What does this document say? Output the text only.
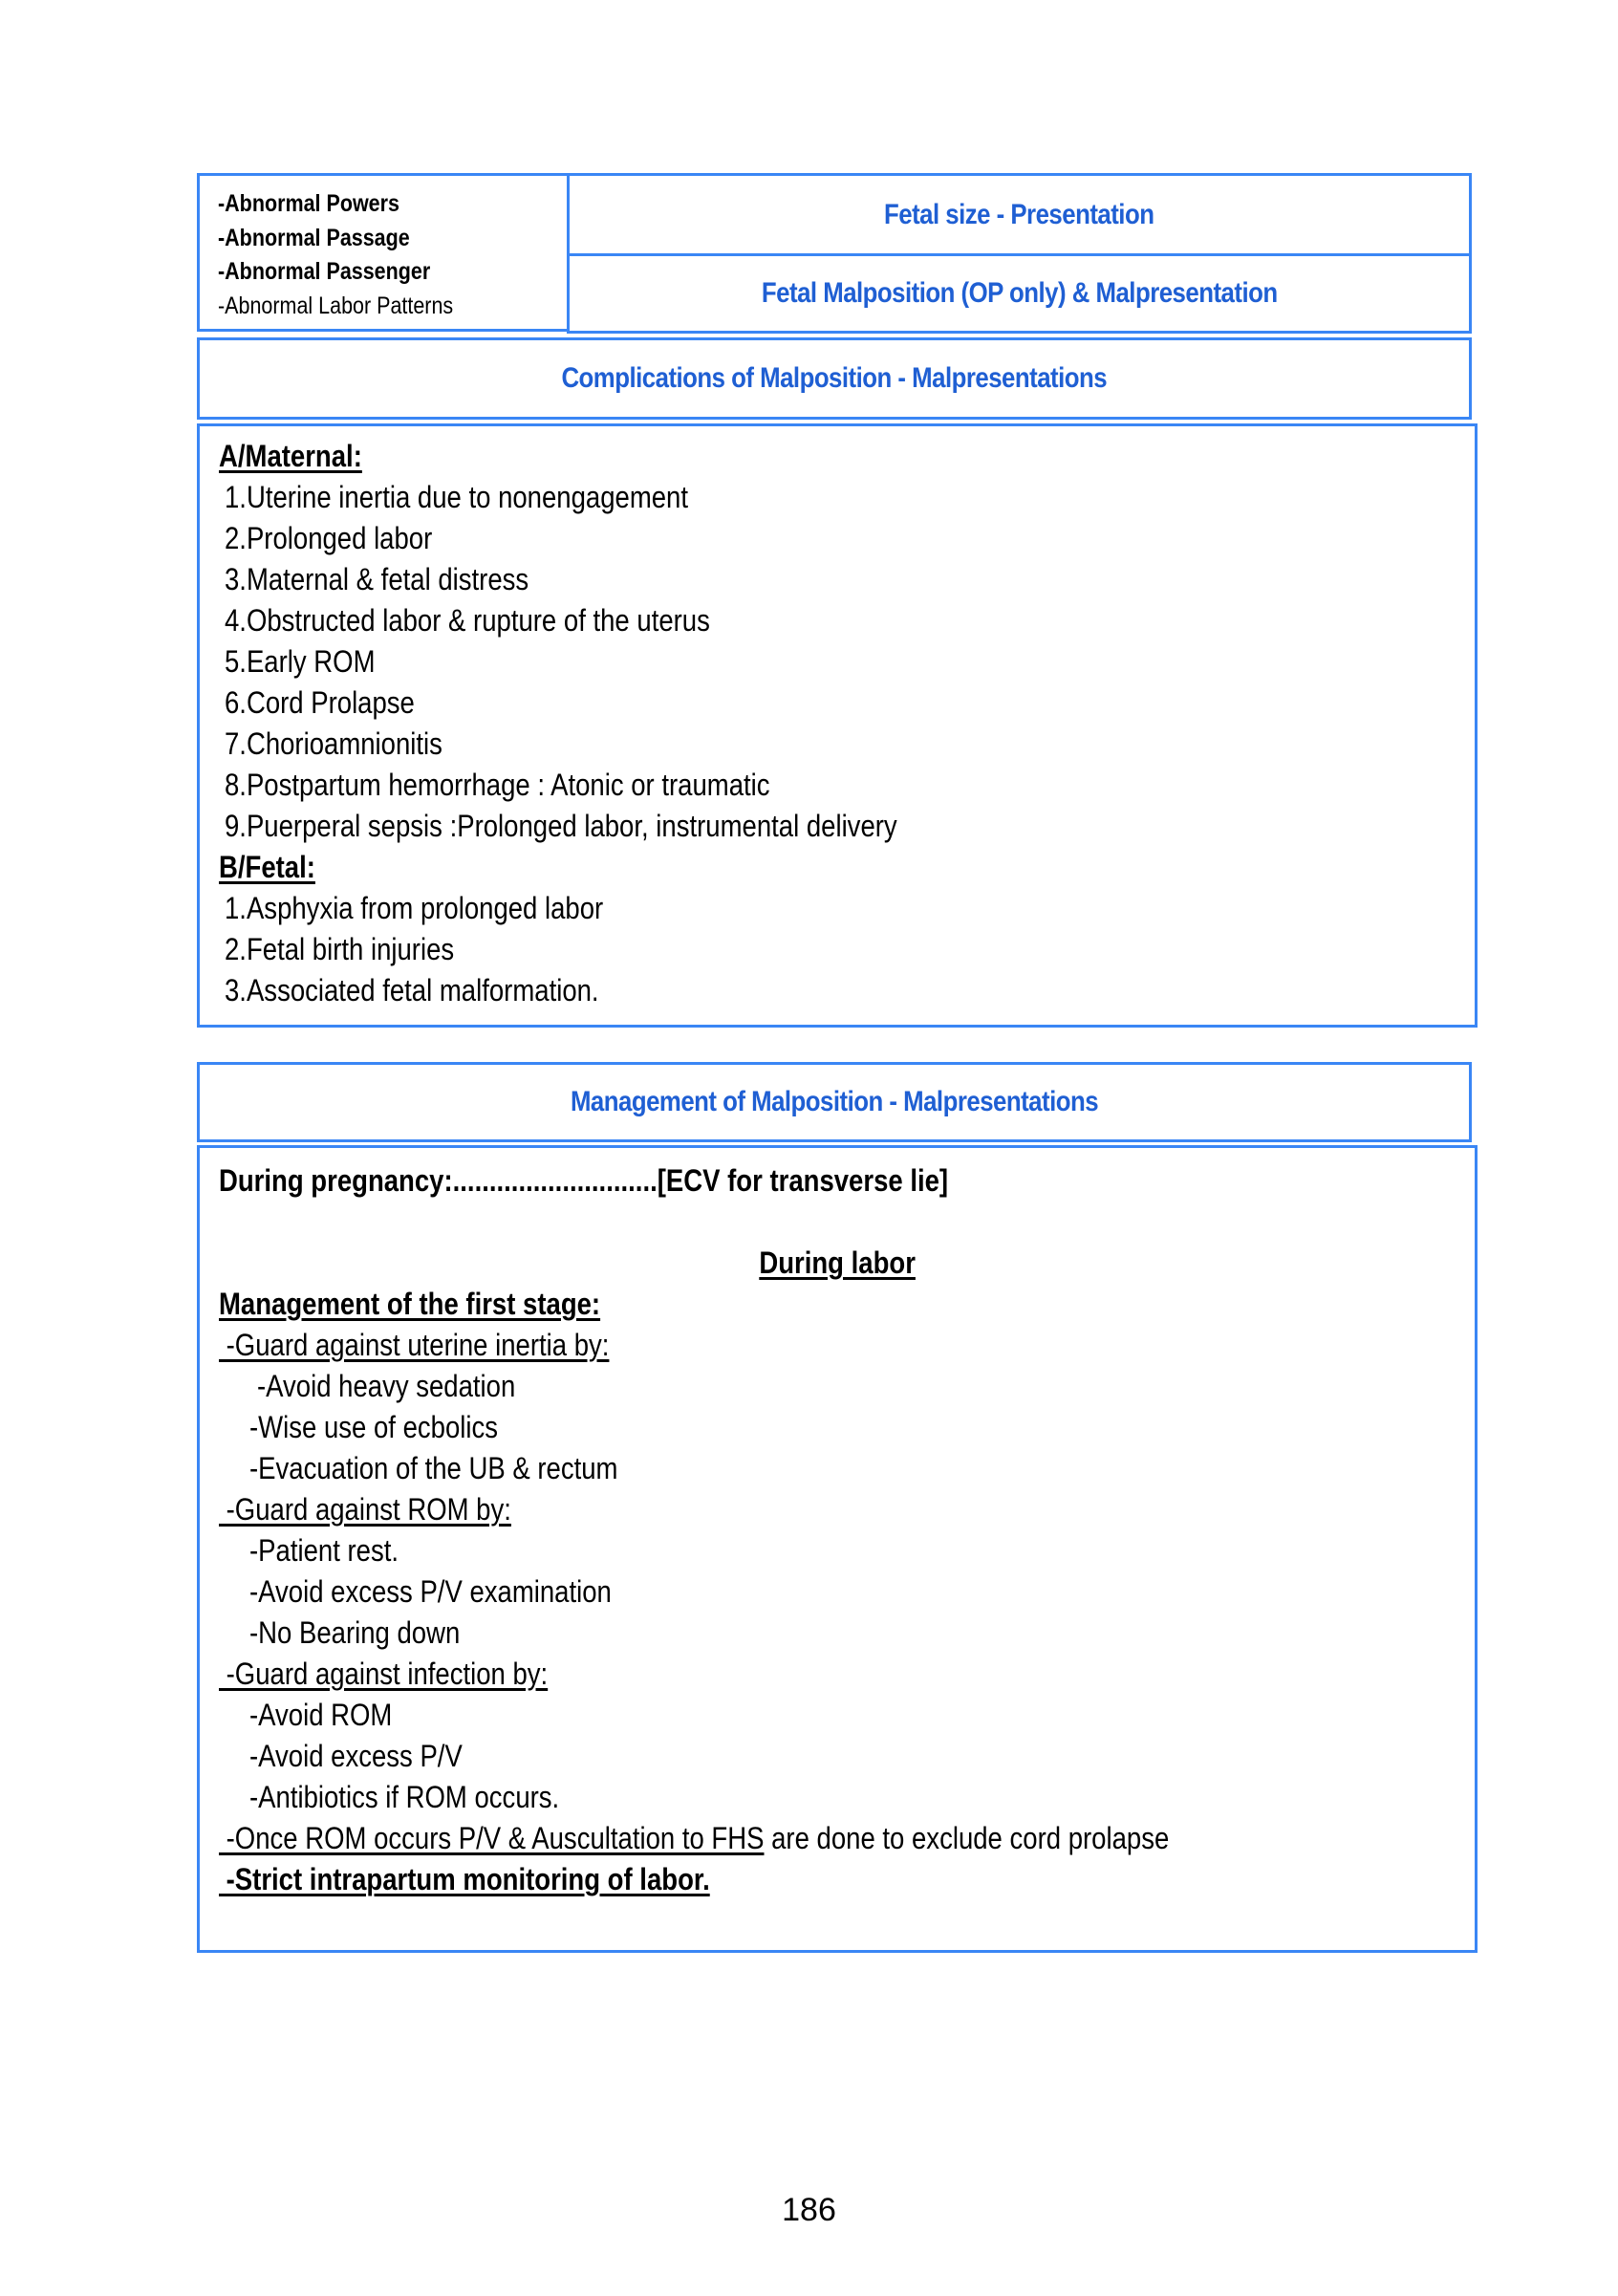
-Abnormal Powers
-Abnormal Passage
-Abnormal Passenger
-Abnormal Labor Patterns
Fetal size - Presentation
Fetal Malposition (OP only) & Malpresentation
Complications of Malposition - Malpresentations
A/Maternal:
1.Uterine inertia due to nonengagement
2.Prolonged labor
3.Maternal & fetal distress
4.Obstructed labor & rupture of the uterus
5.Early ROM
6.Cord Prolapse
7.Chorioamnionitis
8.Postpartum hemorrhage : Atonic or traumatic
9.Puerperal sepsis :Prolonged labor, instrumental delivery
B/Fetal:
1.Asphyxia from prolonged labor
2.Fetal birth injuries
3.Associated fetal malformation.
Management of Malposition - Malpresentations
During pregnancy:............................[ECV for transverse lie]
During labor
Management of the first stage:
-Guard against uterine inertia by:
-Avoid heavy sedation
-Wise use of ecbolics
-Evacuation of the UB & rectum
-Guard against ROM by:
-Patient rest.
-Avoid excess P/V examination
-No Bearing down
-Guard against infection by:
-Avoid ROM
-Avoid excess P/V
-Antibiotics if ROM occurs.
-Once ROM occurs P/V & Auscultation to FHS are done to exclude cord prolapse
-Strict intrapartum monitoring of labor.
186
